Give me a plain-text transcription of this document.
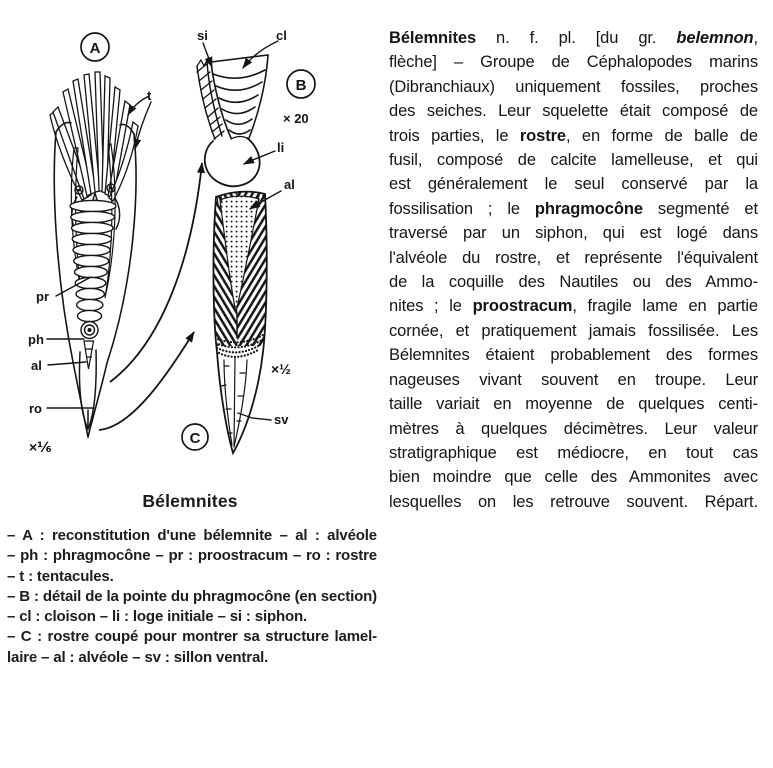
A
t
pr
ph
al
ro
×⅙
B
si	cl
× 20
li
C
al
×½
sv
Bélemnites
– A : reconstitution d'une bélemnite – al : alvéole
– ph : phragmocône – pr : proostracum – ro : rostre
– t : tentacules.
– B : détail de la pointe du phragmocône (en section)
– cl : cloison – li : loge initiale – si : siphon.
– C : rostre coupé pour montrer sa structure lamel-
laire – al : alvéole – sv : sillon ventral.
Bélemnites n. f. pl. [du gr. belemnon,
flèche] – Groupe de Céphalopodes marins
(Dibranchiaux) uniquement fossiles, proches
des seiches. Leur squelette était composé de
trois parties, le rostre, en forme de balle de
fusil, composé de calcite lamelleuse, et qui
est généralement le seul conservé par la
fossilisation ; le phragmocône segmenté et
traversé par un siphon, qui est logé dans
l'alvéole du rostre, et représente l'équivalent
de la coquille des Nautiles ou des Ammo-
nites ; le proostracum, fragile lame en partie
cornée, et pratiquement jamais fossilisée. Les
Bélemnites étaient probablement des formes
nageuses vivant souvent en troupe. Leur
taille variait en moyenne de quelques centi-
mètres à quelques décimètres. Leur valeur
stratigraphique est médiocre, en tout cas
bien moindre que celle des Ammonites avec
lesquelles on les retrouve souvent. Répart.
